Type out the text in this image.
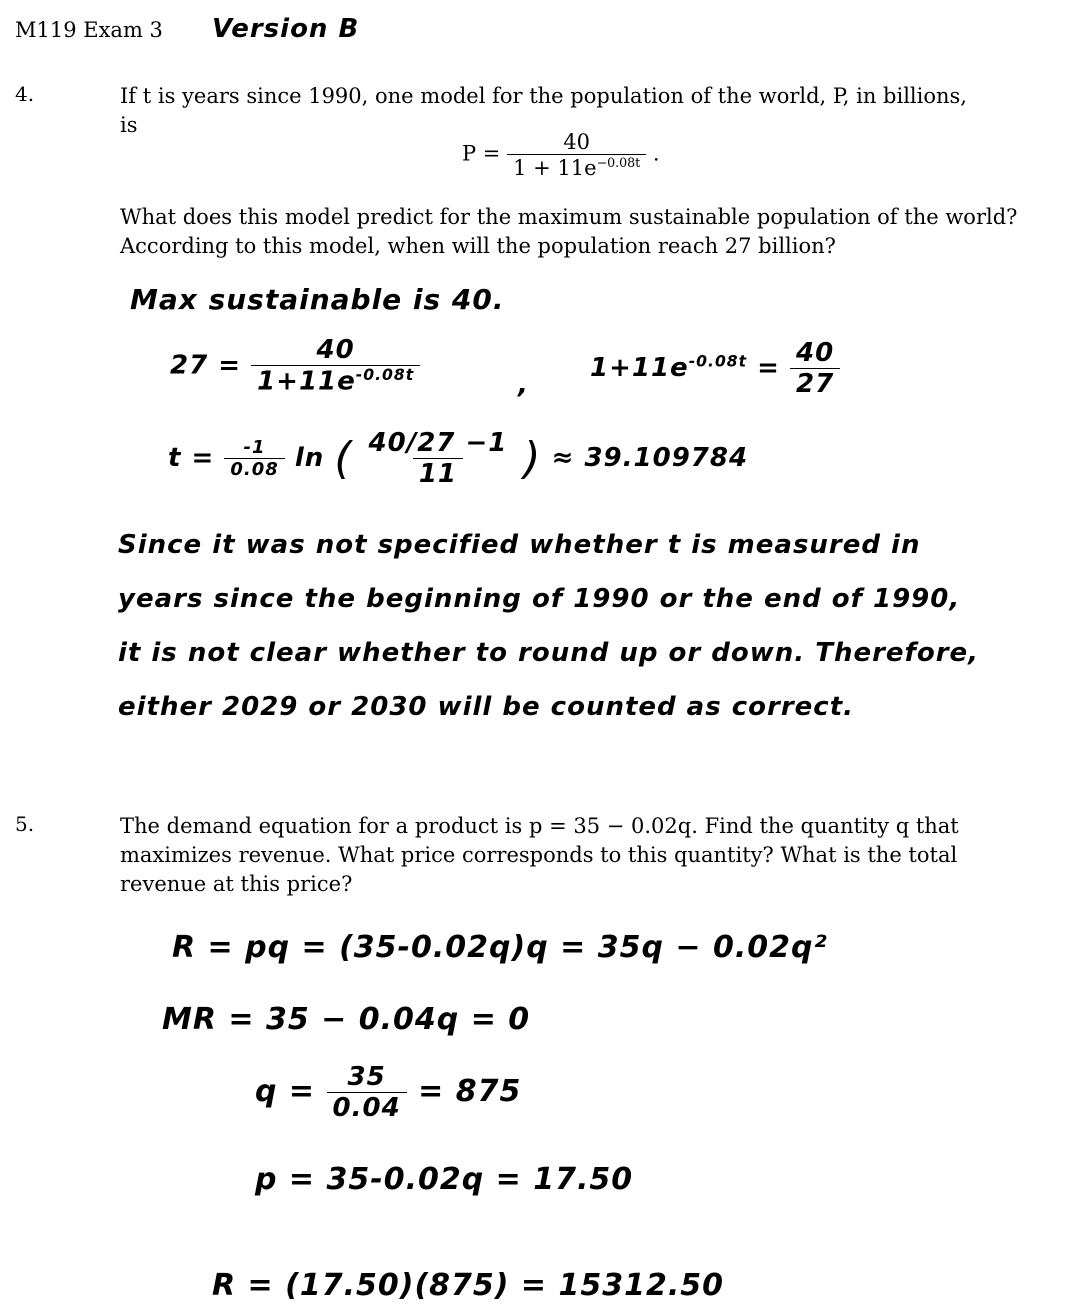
M119 Exam 3 Version B
4.	If t is years since 1990, one model for the population of the world, P, in billions,
is
$P = \frac{40}{1 + 11e^{-0.08t}}$ .
What does this model predict for the maximum sustainable population of the world? According to this model, when will the population reach 27 billion?
Max sustainable is 40.
$27 = \frac{40}{1+11e^{-0.08t}}$	,
$1+11e^{-0.08t} = \frac{40}{27}$
$t = \frac{-1}{0.08}$ ln ( $\frac{40/27 -1}{11}$ ) ≈ 39.109784
Since it was not specified whether t is measured in
years since the beginning of 1990 or the end of 1990,
it is not clear whether to round up or down. Therefore,
either 2029 or 2030 will be counted as correct.
5.	The demand equation for a product is p = 35 − 0.02q. Find the quantity q that maximizes revenue. What price corresponds to this quantity? What is the total revenue at this price?
R = pq = (35-0.02q)q = 35q − 0.02q²
MR = 35 − 0.04q = 0
$q = \frac{35}{0.04} = 875$
p = 35-0.02q = 17.50
R = (17.50)(875) = 15312.50
